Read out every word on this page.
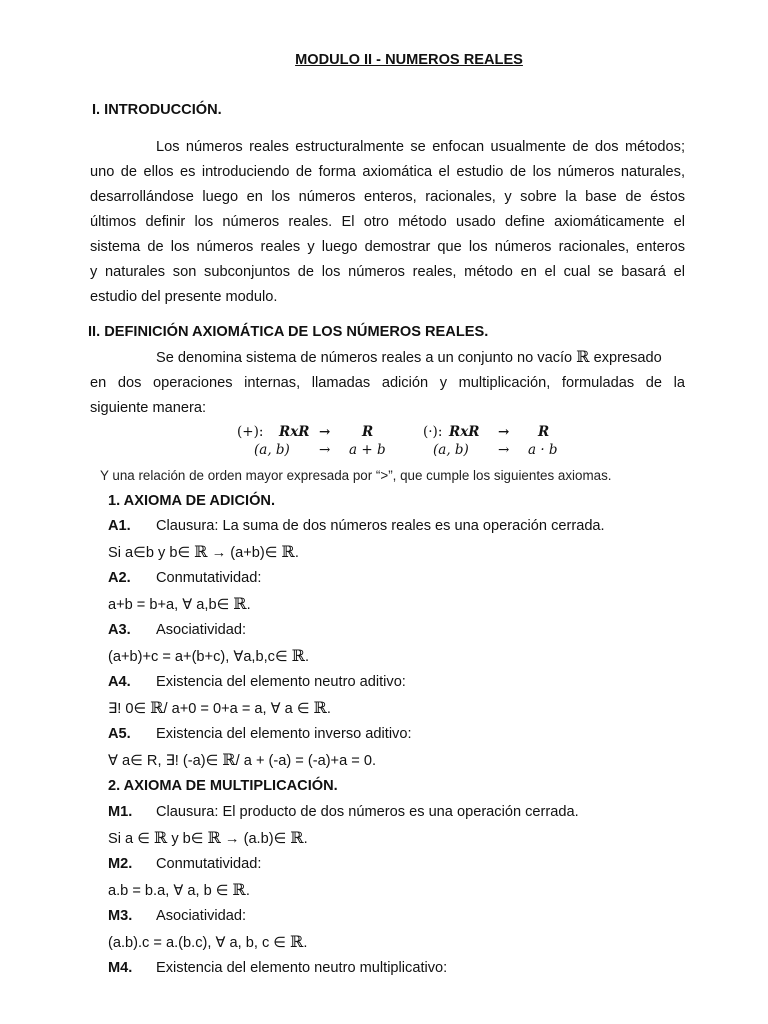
MODULO II - NUMEROS REALES
I. INTRODUCCIÓN.
Los números reales estructuralmente se enfocan usualmente de dos métodos;
uno de ellos es introduciendo de forma axiomática el estudio de los números naturales,
desarrollándose luego en los números enteros, racionales, y sobre la base de éstos
últimos definir los números reales. El otro método usado define axiomáticamente el
sistema de los números reales y luego demostrar que los números racionales, enteros
y naturales son subconjuntos de los números reales, método en el cual se basará el
estudio del presente modulo.
II. DEFINICIÓN AXIOMÁTICA DE LOS NÚMEROS REALES.
Se denomina sistema de números reales a un conjunto no vacío ℝ expresado
en dos operaciones internas, llamadas adición y multiplicación, formuladas de la
siguiente manera:
(+): RxR → R	(·): RxR → R
(a, b) → a + b	(a, b) → a · b
Y una relación de orden mayor expresada por “>”, que cumple los siguientes axiomas.
1. AXIOMA DE ADICIÓN.
A1. Clausura: La suma de dos números reales es una operación cerrada.
Si a∈b y b∈ ℝ → (a+b)∈ ℝ.
A2. Conmutatividad:
a+b = b+a, ∀ a,b∈ ℝ.
A3. Asociatividad:
(a+b)+c = a+(b+c), ∀a,b,c∈ ℝ.
A4. Existencia del elemento neutro aditivo:
∃! 0∈ ℝ/ a+0 = 0+a = a, ∀ a ∈ ℝ.
A5. Existencia del elemento inverso aditivo:
∀ a∈ R, ∃! (-a)∈ ℝ/ a + (-a) = (-a)+a = 0.
2. AXIOMA DE MULTIPLICACIÓN.
M1. Clausura: El producto de dos números es una operación cerrada.
Si a ∈ ℝ y b∈ ℝ → (a.b)∈ ℝ.
M2. Conmutatividad:
a.b = b.a, ∀ a, b ∈ ℝ.
M3. Asociatividad:
(a.b).c = a.(b.c), ∀ a, b, c ∈ ℝ.
M4. Existencia del elemento neutro multiplicativo:
